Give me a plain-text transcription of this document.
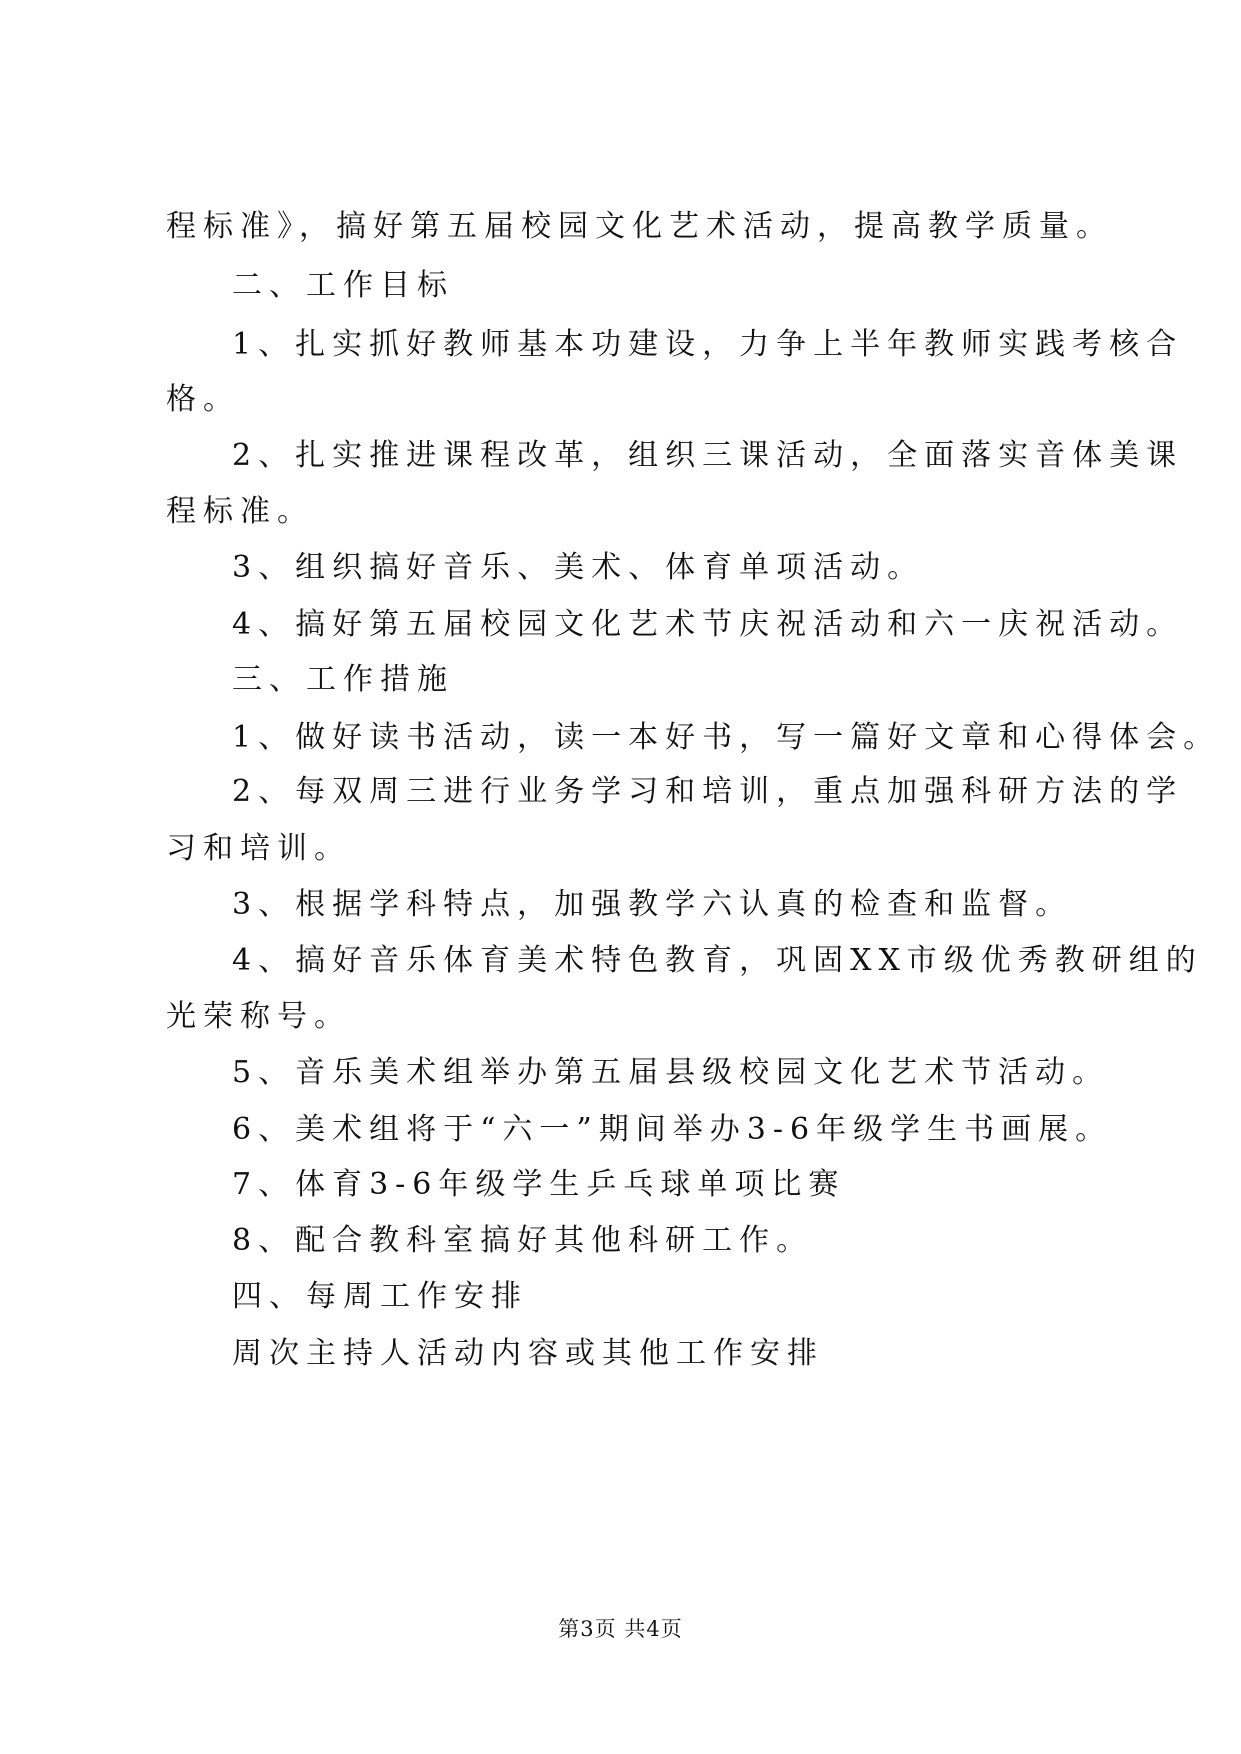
程标准》，搞好第五届校园文化艺术活动，提高教学质量。
二、工作目标
1、扎实抓好教师基本功建设，力争上半年教师实践考核合
格。
2、扎实推进课程改革，组织三课活动，全面落实音体美课
程标准。
3、组织搞好音乐、美术、体育单项活动。
4、搞好第五届校园文化艺术节庆祝活动和六一庆祝活动。
三、工作措施
1、做好读书活动，读一本好书，写一篇好文章和心得体会。
2、每双周三进行业务学习和培训，重点加强科研方法的学
习和培训。
3、根据学科特点，加强教学六认真的检查和监督。
4、搞好音乐体育美术特色教育，巩固XX市级优秀教研组的
光荣称号。
5、音乐美术组举办第五届县级校园文化艺术节活动。
6、美术组将于“六一”期间举办3-6年级学生书画展。
7、体育3-6年级学生乒乓球单项比赛
8、配合教科室搞好其他科研工作。
四、每周工作安排
周次主持人活动内容或其他工作安排
第3页 共4页
